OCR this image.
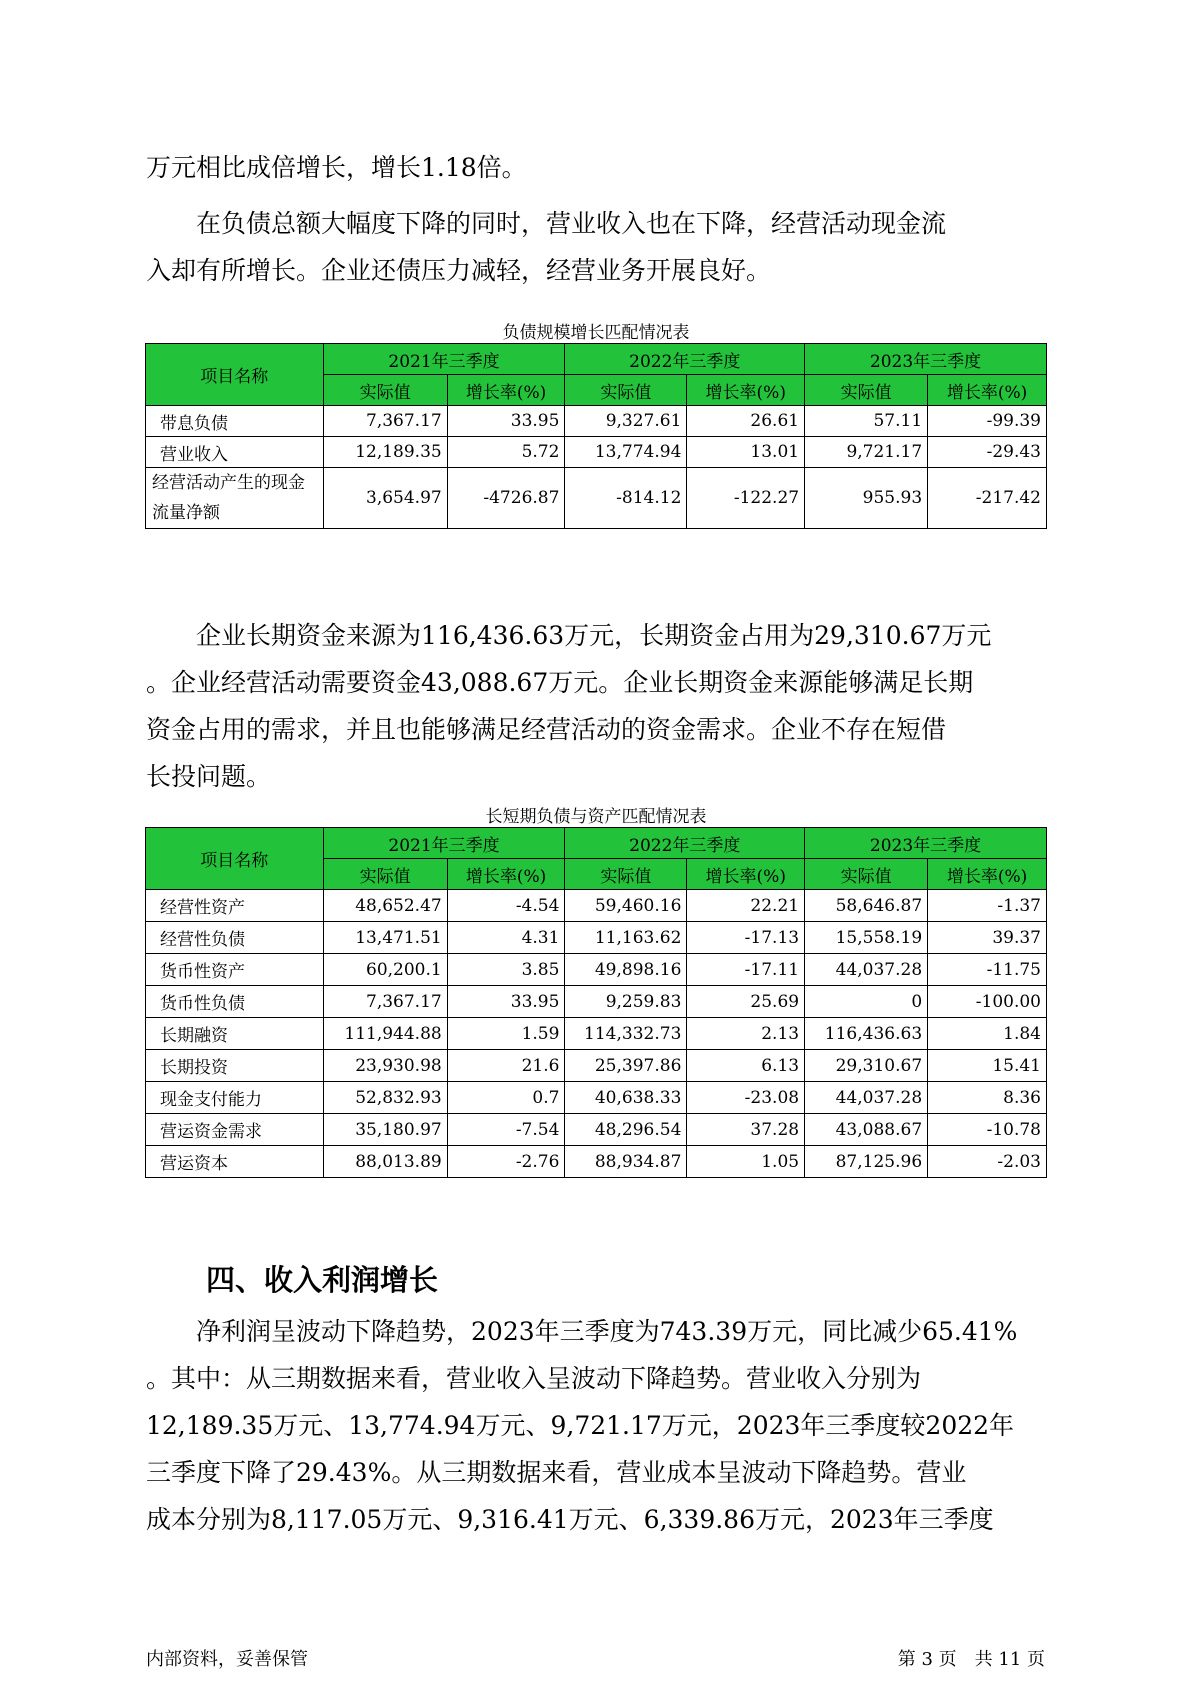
万元相比成倍增长，增长1.18倍。

　　在负债总额大幅度下降的同时，营业收入也在下降，经营活动现金流
入却有所增长。企业还债压力减轻，经营业务开展良好。

负债规模增长匹配情况表
项目名称	2021年三季度		2022年三季度		2023年三季度	
	实际值	增长率(%)	实际值	增长率(%)	实际值	增长率(%)
带息负债	7,367.17	33.95	9,327.61	26.61	57.11	-99.39
营业收入	12,189.35	5.72	13,774.94	13.01	9,721.17	-29.43
经营活动产生的现金流量净额	3,654.97	-4726.87	-814.12	-122.27	955.93	-217.42

　　企业长期资金来源为116,436.63万元，长期资金占用为29,310.67万元
。企业经营活动需要资金43,088.67万元。企业长期资金来源能够满足长期
资金占用的需求，并且也能够满足经营活动的资金需求。企业不存在短借
长投问题。

长短期负债与资产匹配情况表
项目名称	2021年三季度		2022年三季度		2023年三季度	
	实际值	增长率(%)	实际值	增长率(%)	实际值	增长率(%)
经营性资产	48,652.47	-4.54	59,460.16	22.21	58,646.87	-1.37
经营性负债	13,471.51	4.31	11,163.62	-17.13	15,558.19	39.37
货币性资产	60,200.1	3.85	49,898.16	-17.11	44,037.28	-11.75
货币性负债	7,367.17	33.95	9,259.83	25.69	0	-100.00
长期融资	111,944.88	1.59	114,332.73	2.13	116,436.63	1.84
长期投资	23,930.98	21.6	25,397.86	6.13	29,310.67	15.41
现金支付能力	52,832.93	0.7	40,638.33	-23.08	44,037.28	8.36
营运资金需求	35,180.97	-7.54	48,296.54	37.28	43,088.67	-10.78
营运资本	88,013.89	-2.76	88,934.87	1.05	87,125.96	-2.03
四、收入利润增长

　　净利润呈波动下降趋势，2023年三季度为743.39万元，同比减少65.41%
。其中：从三期数据来看，营业收入呈波动下降趋势。营业收入分别为
12,189.35万元、13,774.94万元、9,721.17万元，2023年三季度较2022年
三季度下降了29.43%。从三期数据来看，营业成本呈波动下降趋势。营业
成本分别为8,117.05万元、9,316.41万元、6,339.86万元，2023年三季度

内部资料，妥善保管	第 3 页　共 11 页
